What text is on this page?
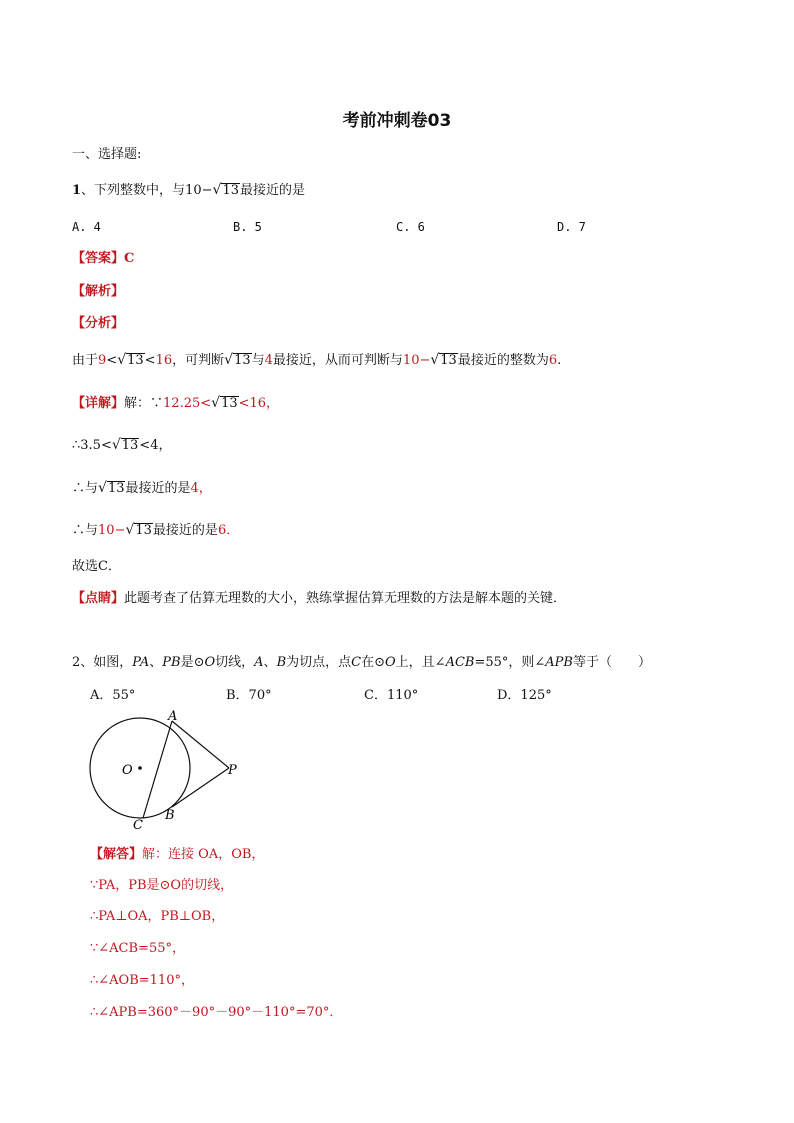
考前冲刺卷03
一、选择题:
1、下列整数中，与10−√13最接近的是
A. 4	B. 5	C. 6	D. 7
【答案】C
【解析】
【分析】
由于9<√13<16，可判断√13与4最接近，从而可判断与10−√13最接近的整数为6.
【详解】解：∵12.25<√13<16，
∴3.5<√13<4，
∴与√13最接近的是4，
∴与10−√13最接近的是6．
故选C．
【点睛】此题考查了估算无理数的大小，熟练掌握估算无理数的方法是解本题的关键．
2、如图，PA、PB是⊙O切线，A、B为切点，点C在⊙O上，且∠ACB=55°，则∠APB等于（　　）
A．55°	B．70°	C．110°	D．125°
A
O	P
C
B
【解答】解：连接 OA，OB，
∵PA，PB是⊙O的切线，
∴PA⊥OA，PB⊥OB，
∵∠ACB=55°，
∴∠AOB=110°，
∴∠APB=360°－90°－90°－110°=70°．
